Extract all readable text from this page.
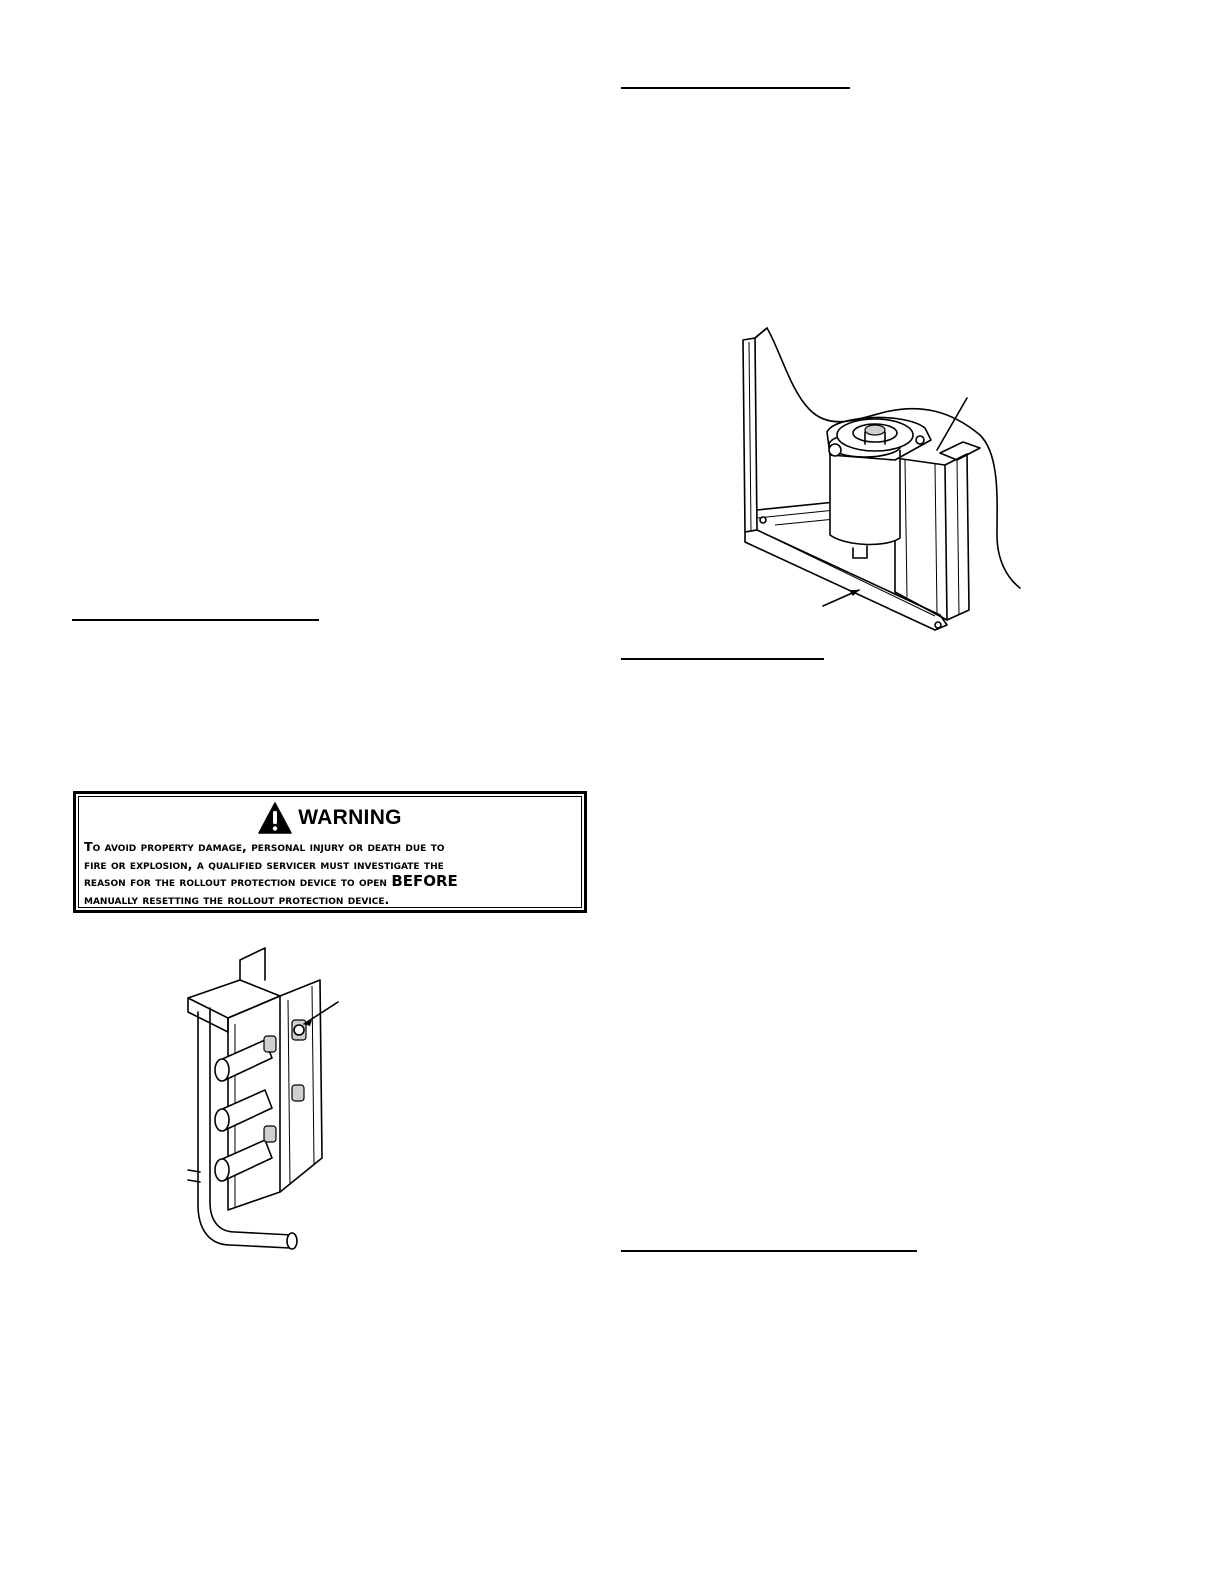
WARNING
To avoid property damage, personal injury or death due to
fire or explosion, a qualified servicer must investigate the
reason for the rollout protection device to open BEFORE
manually resetting the rollout protection device.
